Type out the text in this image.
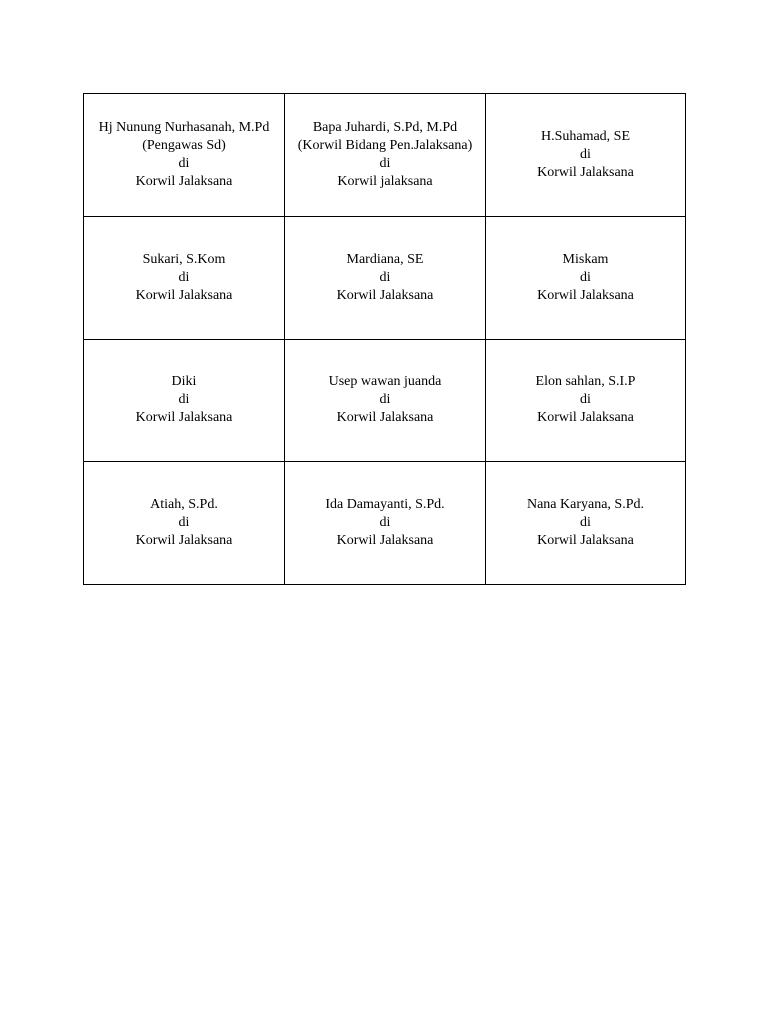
Hj Nunung Nurhasanah, M.Pd
(Pengawas Sd)
di
Korwil Jalaksana	Bapa Juhardi, S.Pd, M.Pd
(Korwil Bidang Pen.Jalaksana)
di
Korwil jalaksana	H.Suhamad, SE
di
Korwil Jalaksana

Sukari, S.Kom
di
Korwil Jalaksana	Mardiana, SE
di
Korwil Jalaksana	Miskam
di
Korwil Jalaksana

Diki
di
Korwil Jalaksana	Usep wawan juanda
di
Korwil Jalaksana	Elon sahlan, S.I.P
di
Korwil Jalaksana

Atiah, S.Pd.
di
Korwil Jalaksana	Ida Damayanti, S.Pd.
di
Korwil Jalaksana	Nana Karyana, S.Pd.
di
Korwil Jalaksana
